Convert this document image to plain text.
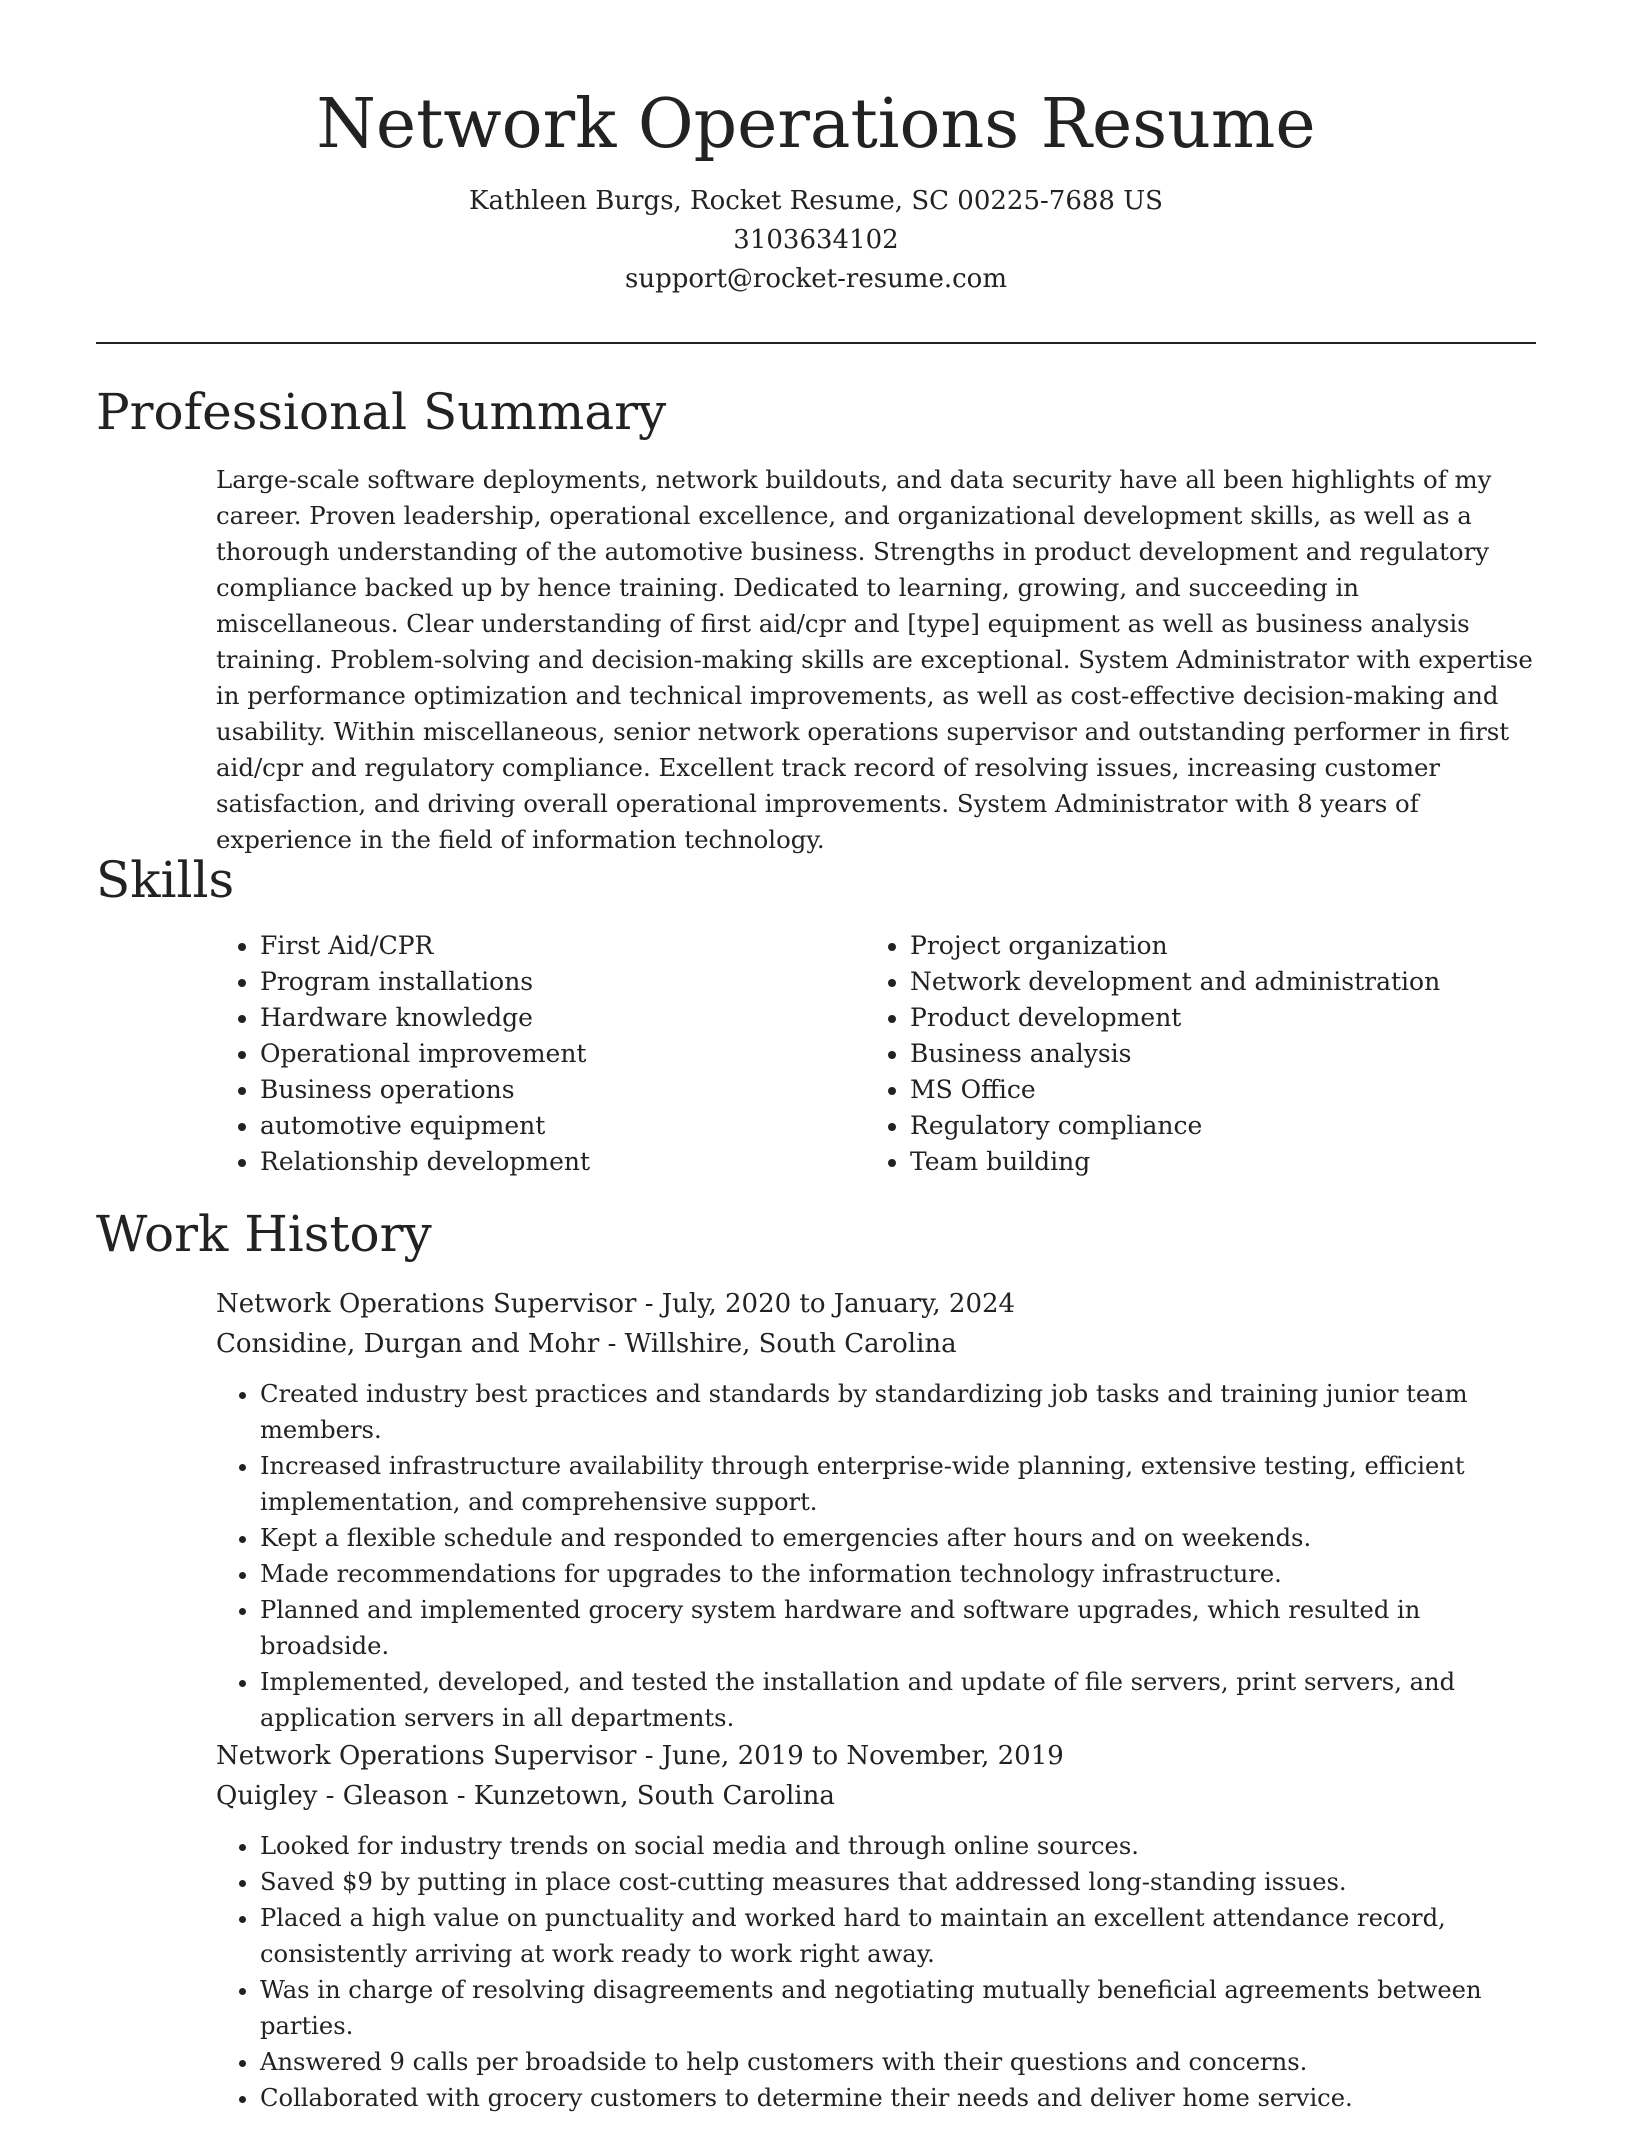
Network Operations Resume

Kathleen Burgs, Rocket Resume, SC 00225-7688 US

3103634102

support@rocket-resume.com

Professional Summary

Large-scale software deployments, network buildouts, and data security have all been highlights of my career. Proven leadership, operational excellence, and organizational development skills, as well as a thorough understanding of the automotive business. Strengths in product development and regulatory compliance backed up by hence training. Dedicated to learning, growing, and succeeding in miscellaneous. Clear understanding of first aid/cpr and [type] equipment as well as business analysis training. Problem-solving and decision-making skills are exceptional. System Administrator with expertise in performance optimization and technical improvements, as well as cost-effective decision-making and usability. Within miscellaneous, senior network operations supervisor and outstanding performer in first aid/cpr and regulatory compliance. Excellent track record of resolving issues, increasing customer satisfaction, and driving overall operational improvements. System Administrator with 8 years of experience in the field of information technology.

Skills
• First Aid/CPR
• Program installations
• Hardware knowledge
• Operational improvement
• Business operations
• automotive equipment
• Relationship development
• Project organization
• Network development and administration
• Product development
• Business analysis
• MS Office
• Regulatory compliance
• Team building
Work History

Network Operations Supervisor - July, 2020 to January, 2024

Considine, Durgan and Mohr - Willshire, South Carolina

• Created industry best practices and standards by standardizing job tasks and training junior team members.
• Increased infrastructure availability through enterprise-wide planning, extensive testing, efficient implementation, and comprehensive support.
• Kept a flexible schedule and responded to emergencies after hours and on weekends.
• Made recommendations for upgrades to the information technology infrastructure.
• Planned and implemented grocery system hardware and software upgrades, which resulted in broadside.
• Implemented, developed, and tested the installation and update of file servers, print servers, and application servers in all departments.

Network Operations Supervisor - June, 2019 to November, 2019

Quigley - Gleason - Kunzetown, South Carolina

• Looked for industry trends on social media and through online sources.
• Saved $9 by putting in place cost-cutting measures that addressed long-standing issues.
• Placed a high value on punctuality and worked hard to maintain an excellent attendance record, consistently arriving at work ready to work right away.
• Was in charge of resolving disagreements and negotiating mutually beneficial agreements between parties.
• Answered 9 calls per broadside to help customers with their questions and concerns.
• Collaborated with grocery customers to determine their needs and deliver home service.
